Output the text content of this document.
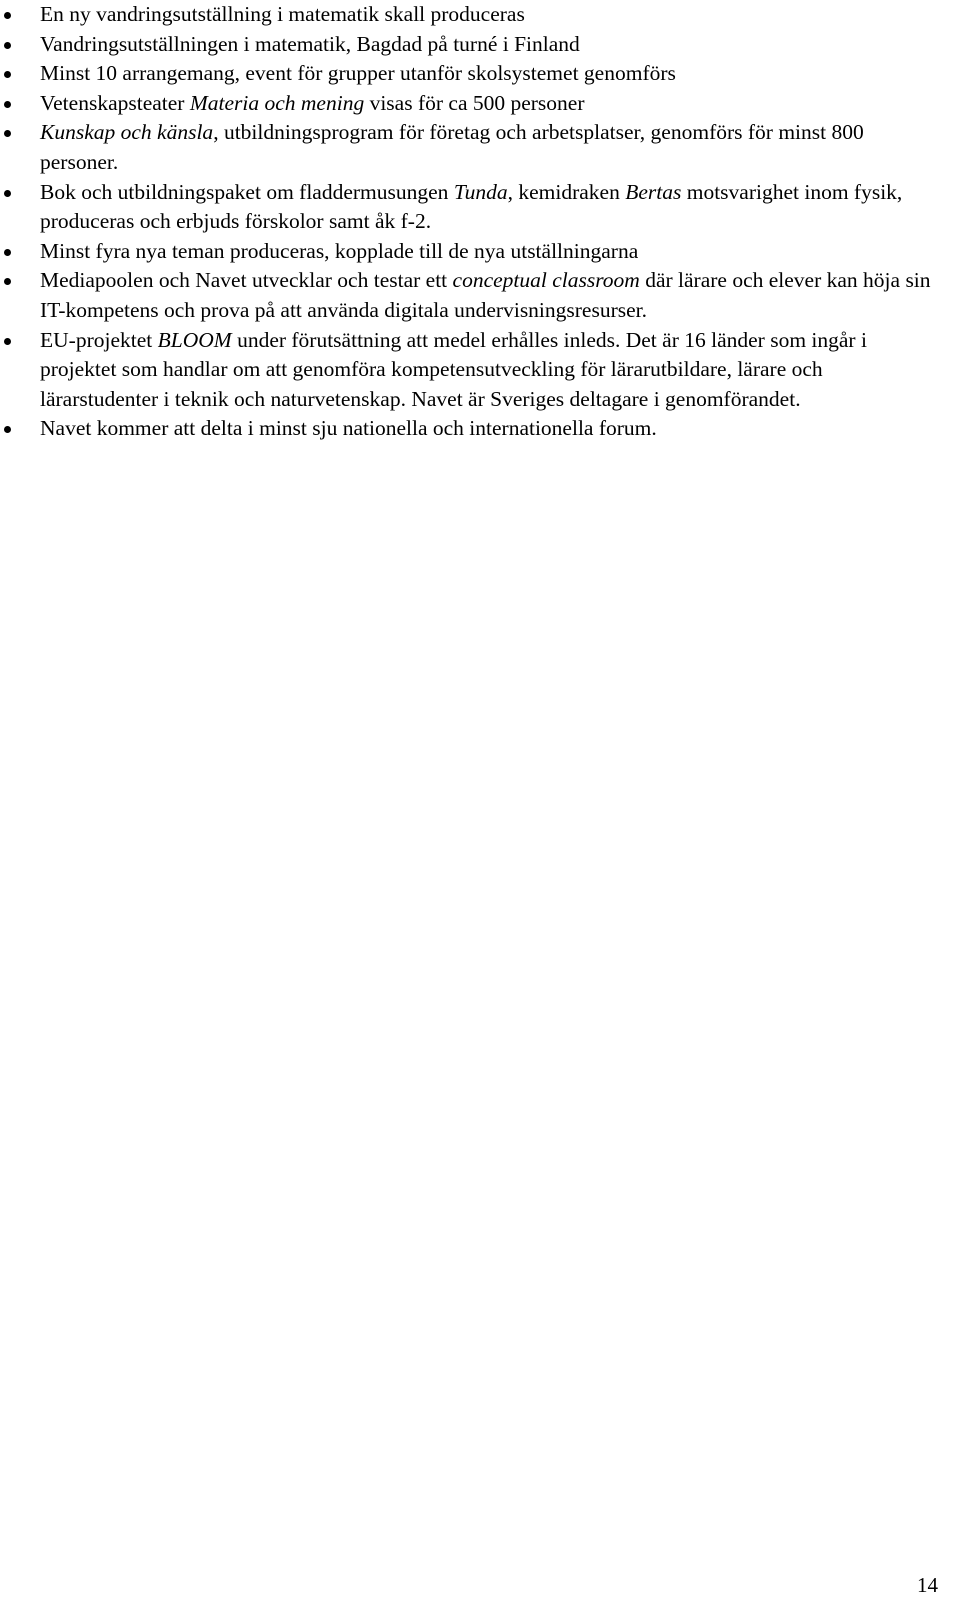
En ny vandringsutställning i matematik skall produceras
Vandringsutställningen i matematik, Bagdad på turné i Finland
Minst 10 arrangemang, event för grupper utanför skolsystemet genomförs
Vetenskapsteater Materia och mening visas för ca 500 personer
Kunskap och känsla, utbildningsprogram för företag och arbetsplatser, genomförs för minst 800 personer.
Bok och utbildningspaket om fladdermusungen Tunda, kemidraken Bertas motsvarighet inom fysik, produceras och erbjuds förskolor samt åk f-2.
Minst fyra nya teman produceras, kopplade till de nya utställningarna
Mediapoolen och Navet utvecklar och testar ett conceptual classroom där lärare och elever kan höja sin IT-kompetens och prova på att använda digitala undervisningsresurser.
EU-projektet BLOOM under förutsättning att medel erhålles inleds. Det är 16 länder som ingår i projektet som handlar om att genomföra kompetensutveckling för lärarutbildare, lärare och lärarstudenter i teknik och naturvetenskap. Navet är Sveriges deltagare i genomförandet.
Navet kommer att delta i minst sju nationella och internationella forum.
14
